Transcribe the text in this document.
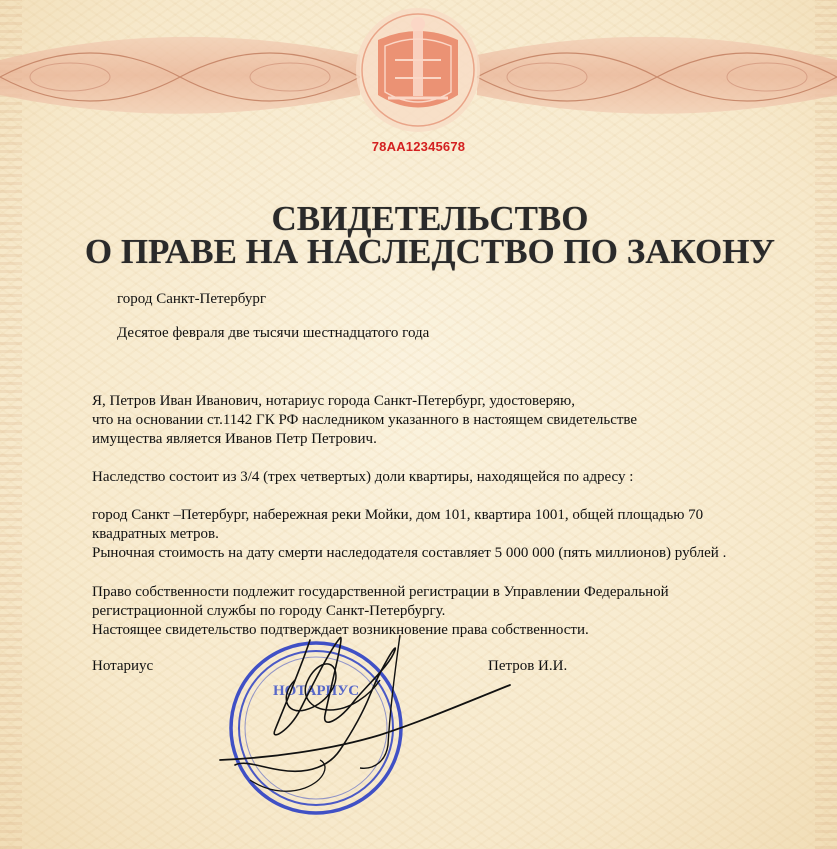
78АА12345678
СВИДЕТЕЛЬСТВО
О ПРАВЕ НА НАСЛЕДСТВО ПО ЗАКОНУ
город Санкт-Петербург
Десятое февраля две тысячи шестнадцатого года
Я, Петров Иван Иванович, нотариус города Санкт-Петербург, удостоверяю,
что на основании ст.1142 ГК РФ наследником указанного в настоящем свидетельстве
имущества является Иванов Петр Петрович.
Наследство состоит из 3/4 (трех четвертых) доли квартиры, находящейся по адресу :
город Санкт –Петербург, набережная реки Мойки, дом 101, квартира 1001, общей площадью 70
квадратных метров.
Рыночная стоимость на дату смерти наследодателя составляет 5 000 000 (пять миллионов) рублей .
Право собственности подлежит государственной регистрации в Управлении Федеральной
регистрационной службы по городу Санкт-Петербургу.
Настоящее свидетельство подтверждает возникновение права собственности.
Нотариус	Петров И.И.
НОТАРИУС
